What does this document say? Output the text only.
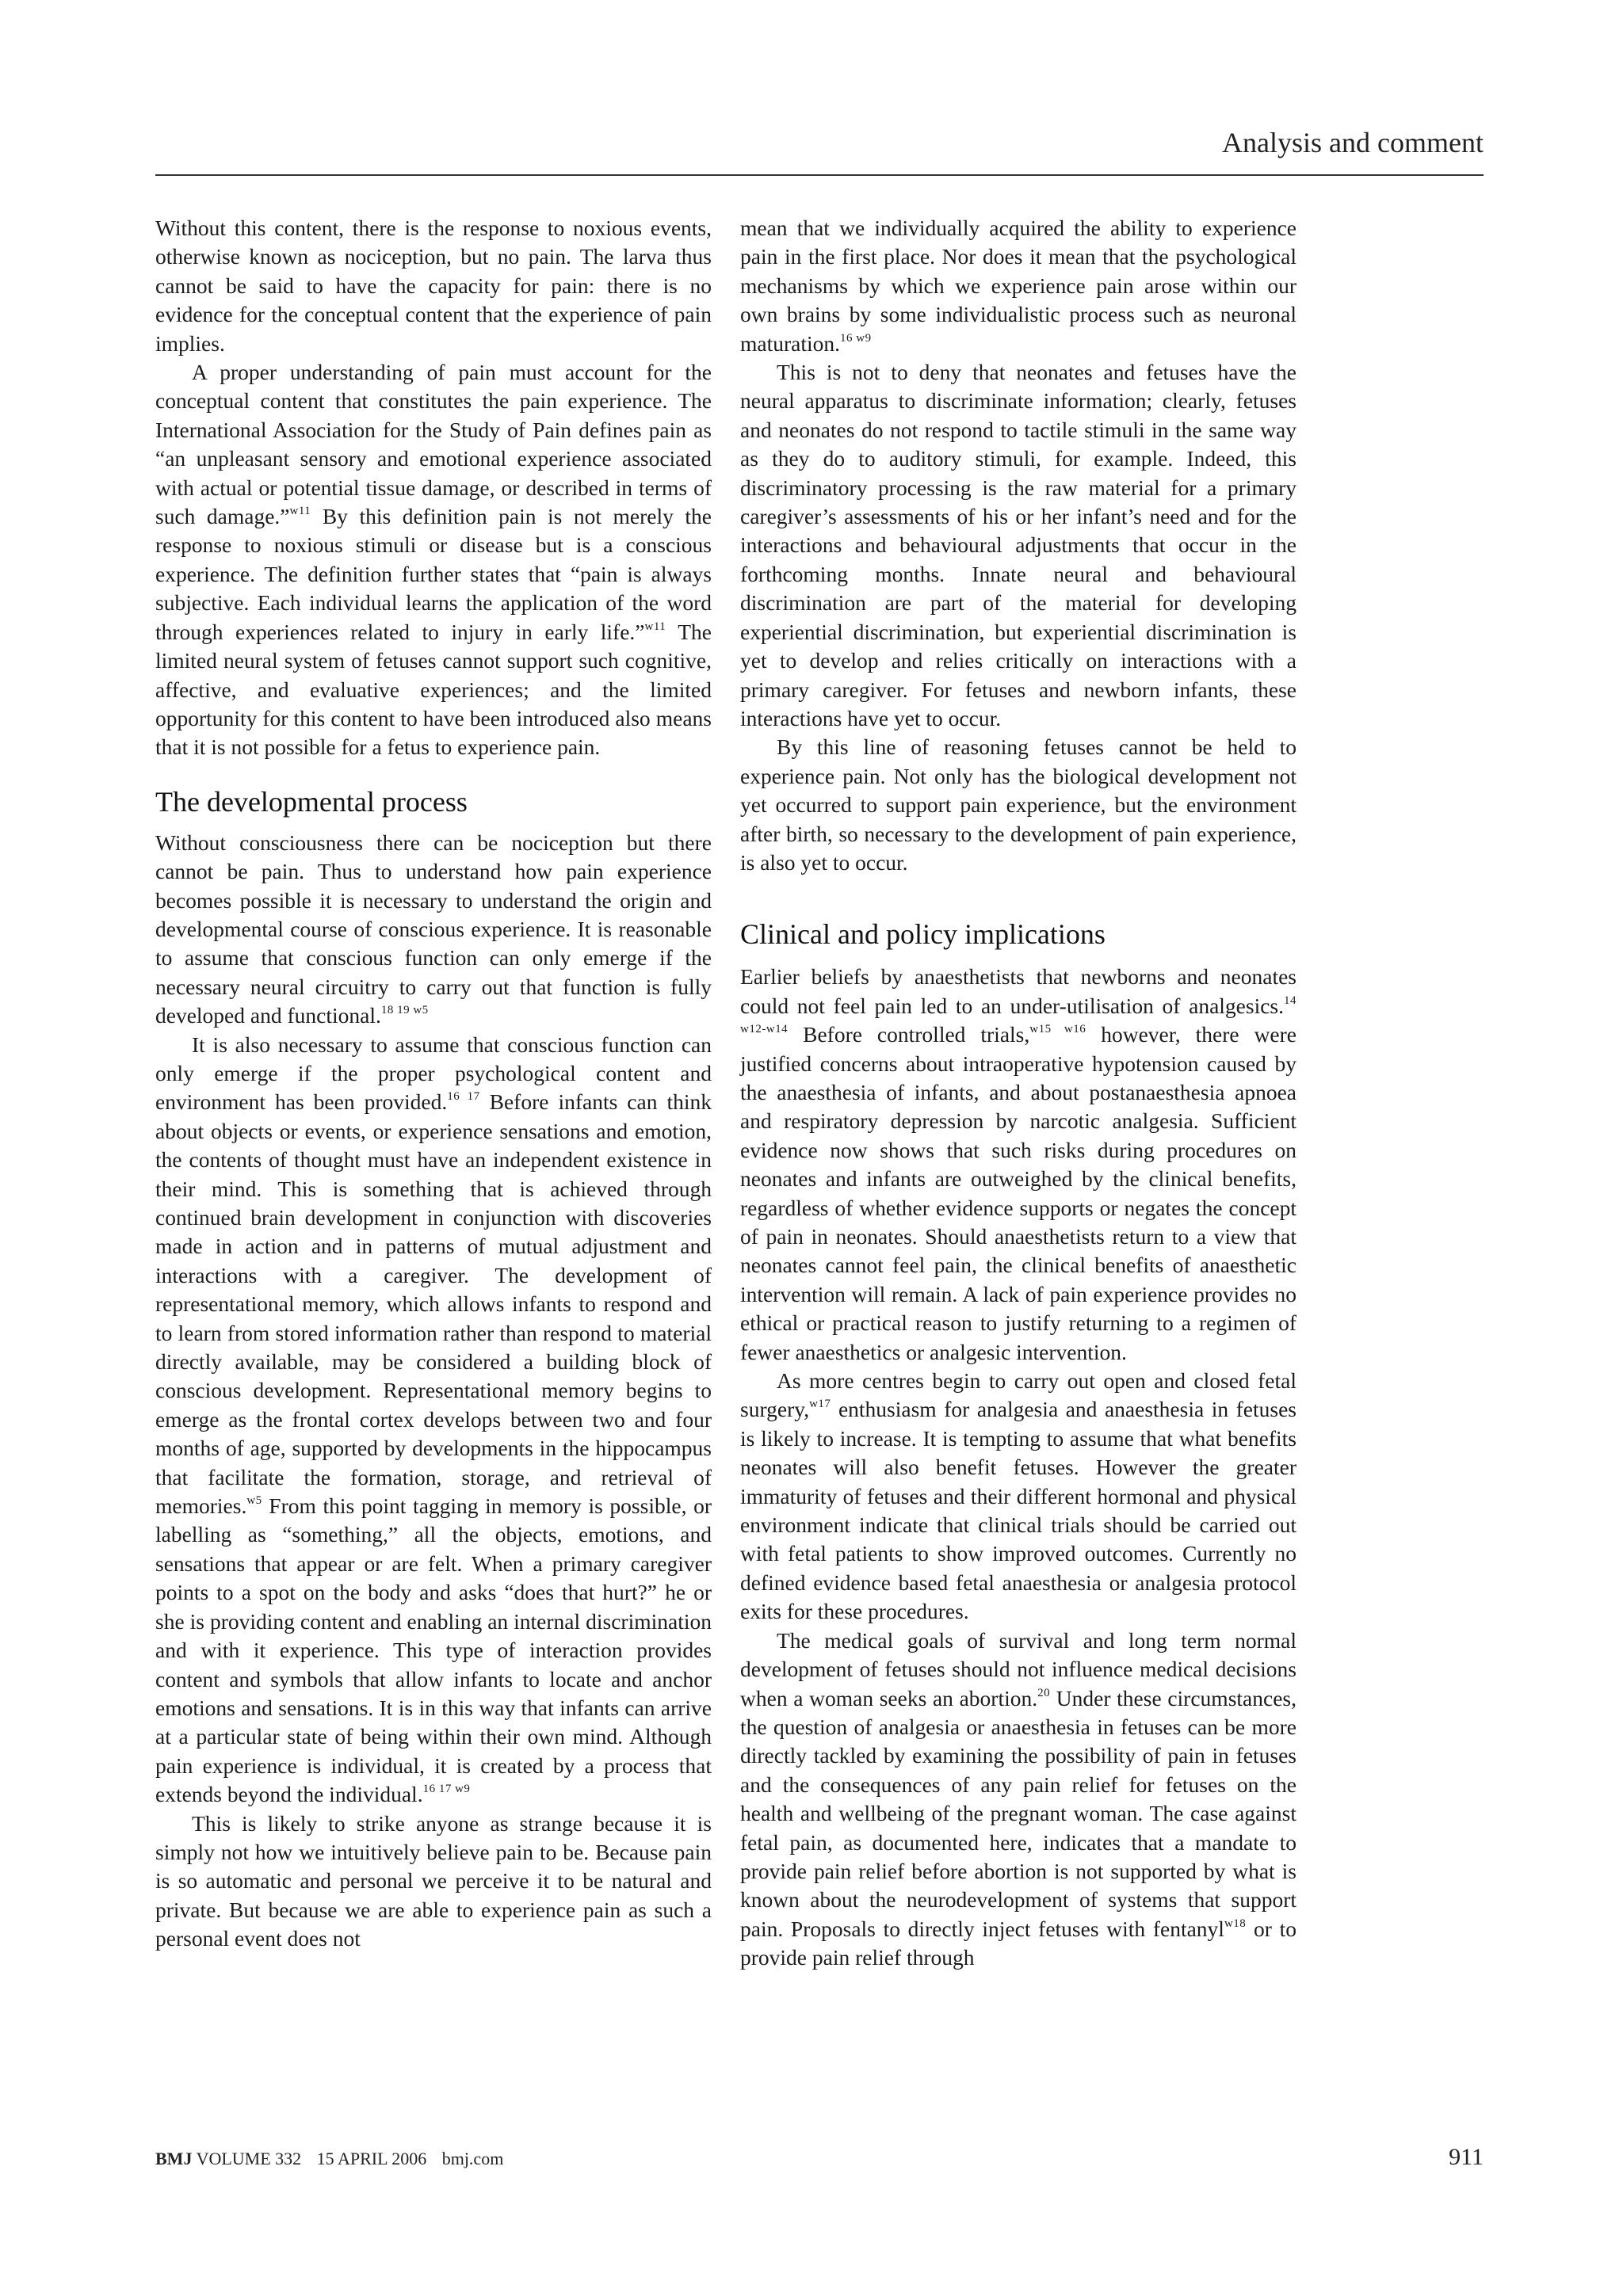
Analysis and comment

Without this content, there is the response to noxious events, otherwise known as nociception, but no pain. The larva thus cannot be said to have the capacity for pain: there is no evidence for the conceptual content that the experience of pain implies.

A proper understanding of pain must account for the conceptual content that constitutes the pain experience. The International Association for the Study of Pain defines pain as “an unpleasant sensory and emotional experience associated with actual or potential tissue damage, or described in terms of such damage.”$^{w11}$ By this definition pain is not merely the response to noxious stimuli or disease but is a conscious experience. The definition further states that “pain is always subjective. Each individual learns the application of the word through experiences related to injury in early life.”$^{w11}$ The limited neural system of fetuses cannot support such cognitive, affective, and evaluative experiences; and the limited opportunity for this content to have been introduced also means that it is not possible for a fetus to experience pain.

The developmental process

Without consciousness there can be nociception but there cannot be pain. Thus to understand how pain experience becomes possible it is necessary to understand the origin and developmental course of conscious experience. It is reasonable to assume that conscious function can only emerge if the necessary neural circuitry to carry out that function is fully developed and functional.$^{18 19 w5}$

It is also necessary to assume that conscious function can only emerge if the proper psychological content and environment has been provided.$^{16 17}$ Before infants can think about objects or events, or experience sensations and emotion, the contents of thought must have an independent existence in their mind. This is something that is achieved through continued brain development in conjunction with discoveries made in action and in patterns of mutual adjustment and interactions with a caregiver. The development of representational memory, which allows infants to respond and to learn from stored information rather than respond to material directly available, may be considered a building block of conscious development. Representational memory begins to emerge as the frontal cortex develops between two and four months of age, supported by developments in the hippocampus that facilitate the formation, storage, and retrieval of memories.$^{w5}$ From this point tagging in memory is possible, or labelling as “something,” all the objects, emotions, and sensations that appear or are felt. When a primary caregiver points to a spot on the body and asks “does that hurt?” he or she is providing content and enabling an internal discrimination and with it experience. This type of interaction provides content and symbols that allow infants to locate and anchor emotions and sensations. It is in this way that infants can arrive at a particular state of being within their own mind. Although pain experience is individual, it is created by a process that extends beyond the individual.$^{16 17 w9}$

This is likely to strike anyone as strange because it is simply not how we intuitively believe pain to be. Because pain is so automatic and personal we perceive it to be natural and private. But because we are able to experience pain as such a personal event does not

mean that we individually acquired the ability to experience pain in the first place. Nor does it mean that the psychological mechanisms by which we experience pain arose within our own brains by some individualistic process such as neuronal maturation.$^{16 w9}$

This is not to deny that neonates and fetuses have the neural apparatus to discriminate information; clearly, fetuses and neonates do not respond to tactile stimuli in the same way as they do to auditory stimuli, for example. Indeed, this discriminatory processing is the raw material for a primary caregiver’s assessments of his or her infant’s need and for the interactions and behavioural adjustments that occur in the forthcoming months. Innate neural and behavioural discrimination are part of the material for developing experiential discrimination, but experiential discrimination is yet to develop and relies critically on interactions with a primary caregiver. For fetuses and newborn infants, these interactions have yet to occur.

By this line of reasoning fetuses cannot be held to experience pain. Not only has the biological development not yet occurred to support pain experience, but the environment after birth, so necessary to the development of pain experience, is also yet to occur.

Clinical and policy implications

Earlier beliefs by anaesthetists that newborns and neonates could not feel pain led to an under-utilisation of analgesics.$^{14 w12-w14}$ Before controlled trials,$^{w15 w16}$ however, there were justified concerns about intraoperative hypotension caused by the anaesthesia of infants, and about postanaesthesia apnoea and respiratory depression by narcotic analgesia. Sufficient evidence now shows that such risks during procedures on neonates and infants are outweighed by the clinical benefits, regardless of whether evidence supports or negates the concept of pain in neonates. Should anaesthetists return to a view that neonates cannot feel pain, the clinical benefits of anaesthetic intervention will remain. A lack of pain experience provides no ethical or practical reason to justify returning to a regimen of fewer anaesthetics or analgesic intervention.

As more centres begin to carry out open and closed fetal surgery,$^{w17}$ enthusiasm for analgesia and anaesthesia in fetuses is likely to increase. It is tempting to assume that what benefits neonates will also benefit fetuses. However the greater immaturity of fetuses and their different hormonal and physical environment indicate that clinical trials should be carried out with fetal patients to show improved outcomes. Currently no defined evidence based fetal anaesthesia or analgesia protocol exits for these procedures.

The medical goals of survival and long term normal development of fetuses should not influence medical decisions when a woman seeks an abortion.$^{20}$ Under these circumstances, the question of analgesia or anaesthesia in fetuses can be more directly tackled by examining the possibility of pain in fetuses and the consequences of any pain relief for fetuses on the health and wellbeing of the pregnant woman. The case against fetal pain, as documented here, indicates that a mandate to provide pain relief before abortion is not supported by what is known about the neurodevelopment of systems that support pain. Proposals to directly inject fetuses with fentanyl$^{w18}$ or to provide pain relief through

BMJ VOLUME 332 15 APRIL 2006 bmj.com	911
